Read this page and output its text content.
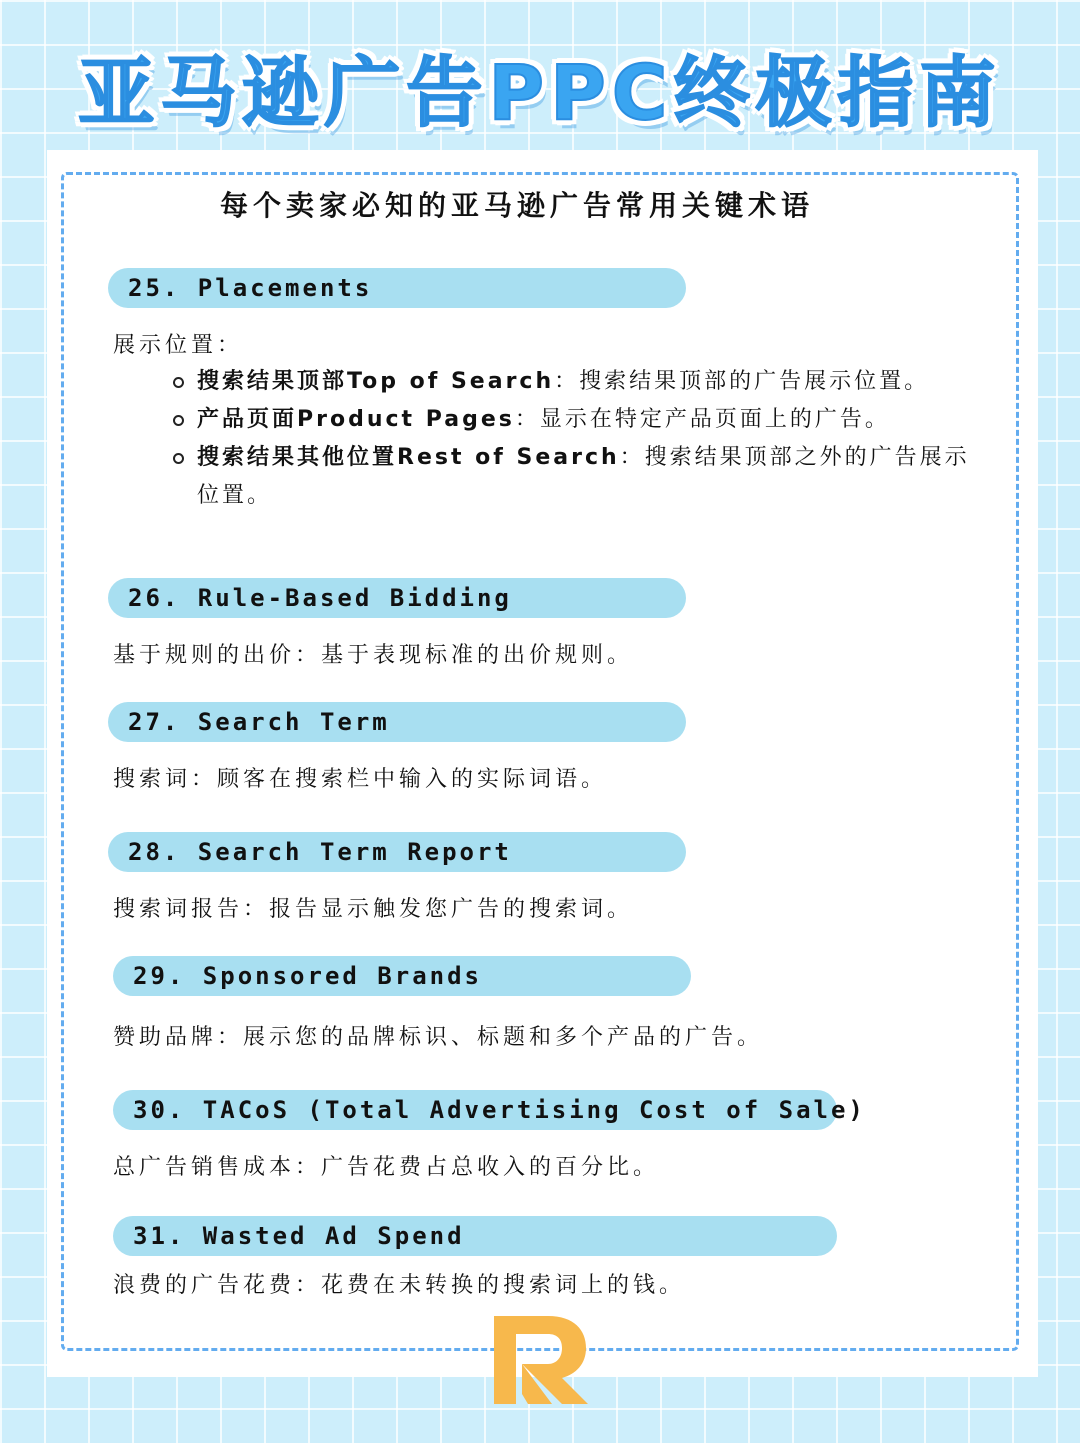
亚马逊广告PPC终极指南
每个卖家必知的亚马逊广告常用关键术语
25. Placements
展示位置：
搜索结果顶部Top of Search：搜索结果顶部的广告展示位置。
产品页面Product Pages：显示在特定产品页面上的广告。
搜索结果其他位置Rest of Search：搜索结果顶部之外的广告展示位置。
26. Rule-Based Bidding
基于规则的出价：基于表现标准的出价规则。
27. Search Term
搜索词：顾客在搜索栏中输入的实际词语。
28. Search Term Report
搜索词报告：报告显示触发您广告的搜索词。
29. Sponsored Brands
赞助品牌：展示您的品牌标识、标题和多个产品的广告。
30. TACoS (Total Advertising Cost of Sale)
总广告销售成本：广告花费占总收入的百分比。
31. Wasted Ad Spend
浪费的广告花费：花费在未转换的搜索词上的钱。
